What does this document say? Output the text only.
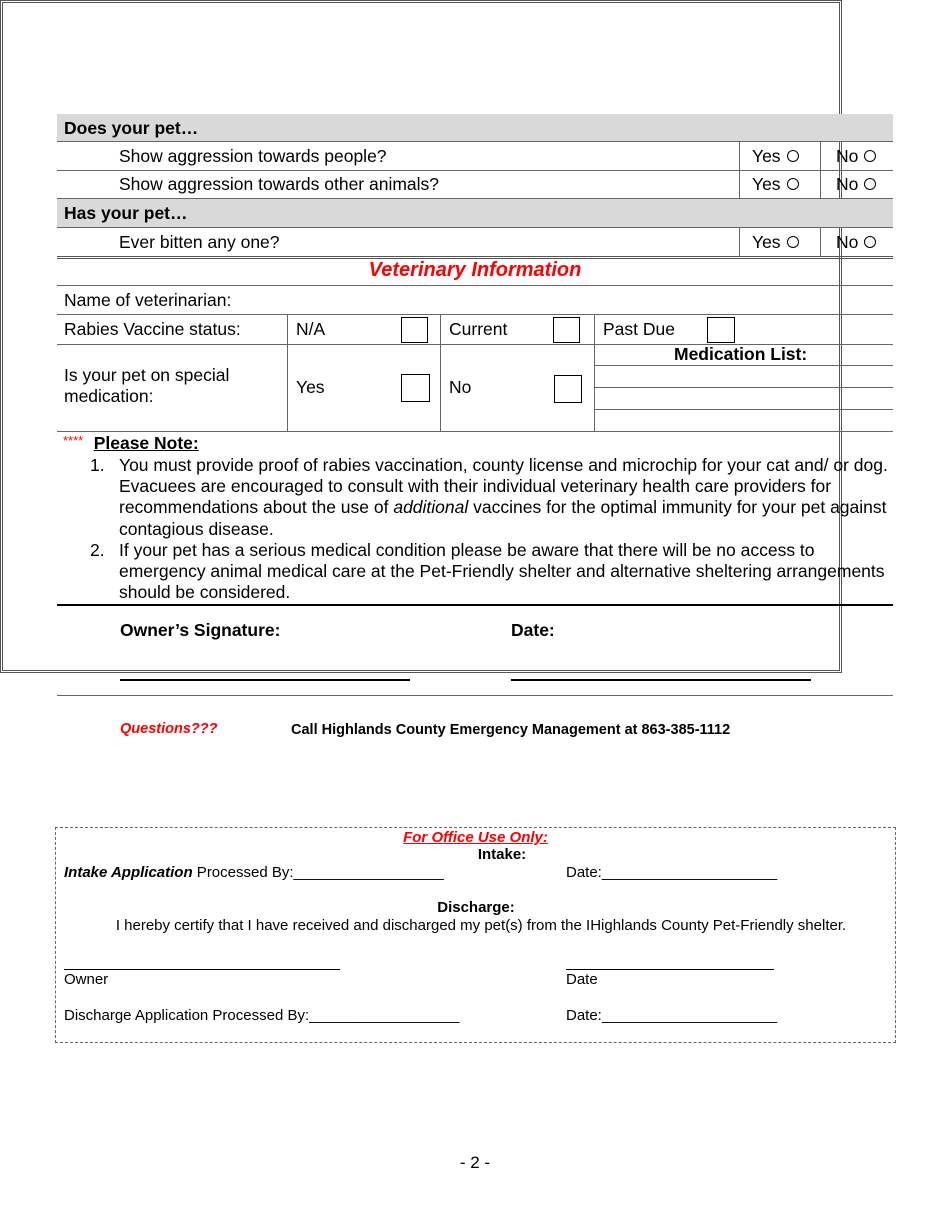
Does your pet…
Show aggression towards people?	Yes	No
Show aggression towards other animals?	Yes	No
Has your pet…
Ever bitten any one?	Yes	No
Veterinary Information
Name of veterinarian:
Rabies Vaccine status:	N/A	Current	Past Due
Is your pet on special medication:	Yes	No
Medication List:
**** Please Note:
1. You must provide proof of rabies vaccination, county license and microchip for your cat and/ or dog. Evacuees are encouraged to consult with their individual veterinary health care providers for recommendations about the use of additional vaccines for the optimal immunity for your pet against contagious disease.
2. If your pet has a serious medical condition please be aware that there will be no access to emergency animal medical care at the Pet-Friendly shelter and alternative sheltering arrangements should be considered.
Owner’s Signature:	Date:
Questions???	Call Highlands County Emergency Management at 863-385-1112
For Office Use Only:
Intake:
Intake Application Processed By:__________________	Date:_____________________
Discharge:
I hereby certify that I have received and discharged my pet(s) from the IHighlands County Pet-Friendly shelter.
Owner	Date
Discharge Application Processed By:__________________	Date:_____________________
- 2 -
